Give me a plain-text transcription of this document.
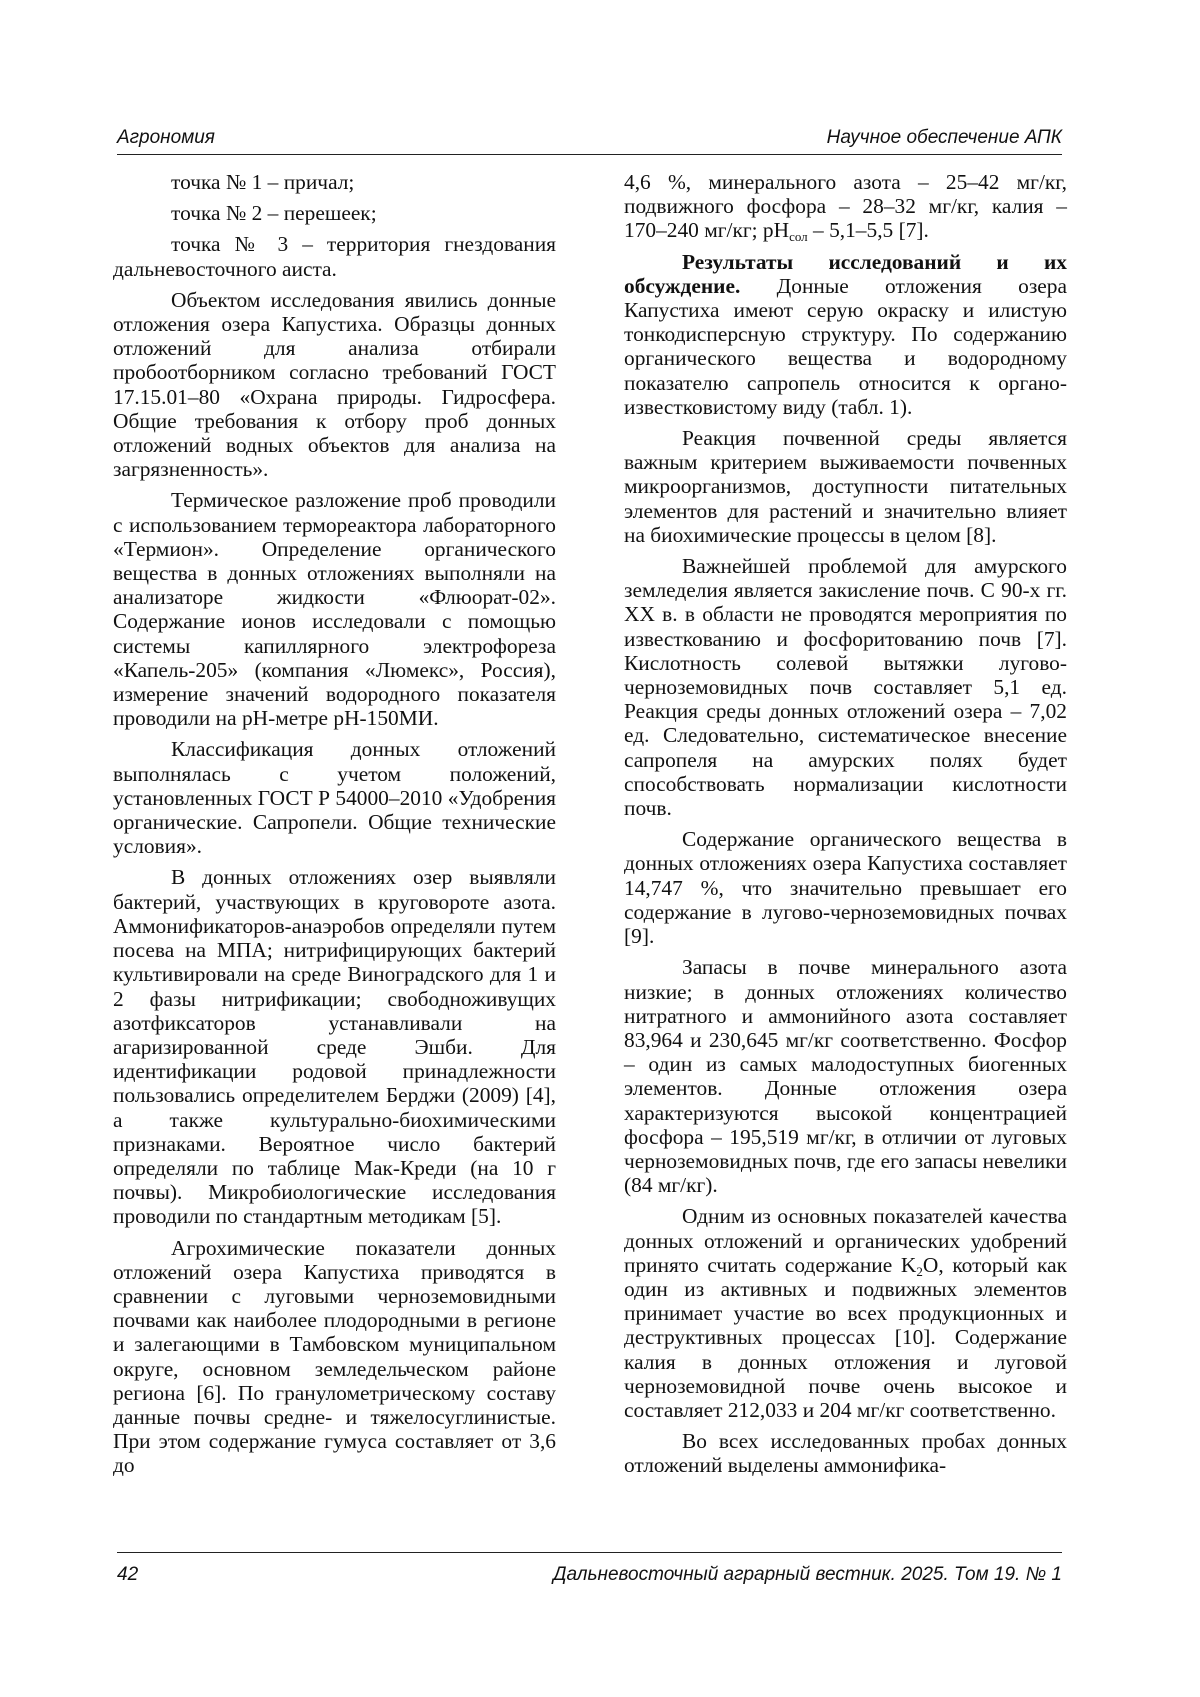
Агрономия	Научное обеспечение АПК

точка № 1 – причал;

точка № 2 – перешеек;

точка № 3 – территория гнездования дальневосточного аиста.

Объектом исследования явились донные отложения озера Капустиха. Образцы донных отложений для анализа отбирали пробоотборником согласно требований ГОСТ 17.15.01–80 «Охрана природы. Гидросфера. Общие требования к отбору проб донных отложений водных объектов для анализа на загрязненность».

Термическое разложение проб проводили с использованием термореактора лабораторного «Термион». Определение органического вещества в донных отложениях выполняли на анализаторе жидкости «Флюорат-02». Содержание ионов исследовали с помощью системы капиллярного электрофореза «Капель-205» (компания «Люмекс», Россия), измерение значений водородного показателя проводили на pH-метре pH-150МИ.

Классификация донных отложений выполнялась с учетом положений, установленных ГОСТ Р 54000–2010 «Удобрения органические. Сапропели. Общие технические условия».

В донных отложениях озер выявляли бактерий, участвующих в круговороте азота. Аммонификаторов-анаэробов определяли путем посева на МПА; нитрифицирующих бактерий культивировали на среде Виноградского для 1 и 2 фазы нитрификации; свободноживущих азотфиксаторов устанавливали на агаризированной среде Эшби. Для идентификации родовой принадлежности пользовались определителем Берджи (2009) [4], а также культурально-биохимическими признаками. Вероятное число бактерий определяли по таблице Мак-Креди (на 10 г почвы). Микробиологические исследования проводили по стандартным методикам [5].

Агрохимические показатели донных отложений озера Капустиха приводятся в сравнении с луговыми черноземовидными почвами как наиболее плодородными в регионе и залегающими в Тамбовском муниципальном округе, основном земледельческом районе региона [6]. По гранулометрическому составу данные почвы средне- и тяжелосуглинистые. При этом содержание гумуса составляет от 3,6 до

4,6 %, минерального азота – 25–42 мг/кг, подвижного фосфора – 28–32 мг/кг, калия – 170–240 мг/кг; $pH_{сол} - 5,1-5,5$ [7].

Результаты исследований и их обсуждение. Донные отложения озера Капустиха имеют серую окраску и илистую тонкодисперсную структуру. По содержанию органического вещества и водородному показателю сапропель относится к органо-известковистому виду (табл. 1).

Реакция почвенной среды является важным критерием выживаемости почвенных микроорганизмов, доступности питательных элементов для растений и значительно влияет на биохимические процессы в целом [8].

Важнейшей проблемой для амурского земледелия является закисление почв. С 90-х гг. XX в. в области не проводятся мероприятия по известкованию и фосфоритованию почв [7]. Кислотность солевой вытяжки лугово-черноземовидных почв составляет 5,1 ед. Реакция среды донных отложений озера – 7,02 ед. Следовательно, систематическое внесение сапропеля на амурских полях будет способствовать нормализации кислотности почв.

Содержание органического вещества в донных отложениях озера Капустиха составляет 14,747 %, что значительно превышает его содержание в лугово-черноземовидных почвах [9].

Запасы в почве минерального азота низкие; в донных отложениях количество нитратного и аммонийного азота составляет 83,964 и 230,645 мг/кг соответственно. Фосфор – один из самых малодоступных биогенных элементов. Донные отложения озера характеризуются высокой концентрацией фосфора – 195,519 мг/кг, в отличии от луговых черноземовидных почв, где его запасы невелики (84 мг/кг).

Одним из основных показателей качества донных отложений и органических удобрений принято считать содержание $K_2O$, который как один из активных и подвижных элементов принимает участие во всех продукционных и деструктивных процессах [10]. Содержание калия в донных отложения и луговой черноземовидной почве очень высокое и составляет 212,033 и 204 мг/кг соответственно.

Во всех исследованных пробах донных отложений выделены аммонифика-

42	Дальневосточный аграрный вестник. 2025. Том 19. № 1
